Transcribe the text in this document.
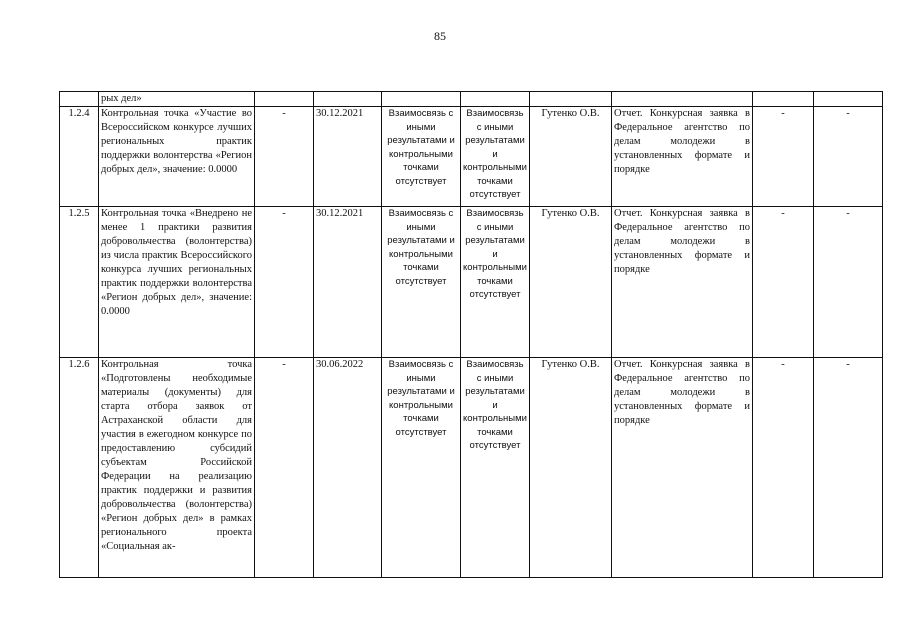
85
	рых дел»								
1.2.4	Контрольная точка «Участие во Всероссийском конкурсе лучших региональных практик поддержки волонтерства «Регион добрых дел», значение: 0.0000	-	30.12.2021	Взаимосвязь с иными результатами и контрольными точками отсутствует	Взаимосвязь с иными результатами и контрольными точками отсутствует	Гутенко О.В.	Отчет. Конкурсная заявка в Федеральное агентство по делам молодежи в установленных формате и порядке	-	-
1.2.5	Контрольная точка «Внедрено не менее 1 практики развития добровольчества (волонтерства) из числа практик Всероссийского конкурса лучших региональных практик поддержки волонтерства «Регион добрых дел», значение: 0.0000	-	30.12.2021	Взаимосвязь с иными результатами и контрольными точками отсутствует	Взаимосвязь с иными результатами и контрольными точками отсутствует	Гутенко О.В.	Отчет. Конкурсная заявка в Федеральное агентство по делам молодежи в установленных формате и порядке	-	-
1.2.6	Контрольная точка «Подготовлены необходимые материалы (документы) для старта отбора заявок от Астраханской области для участия в ежегодном конкурсе по предоставлению субсидий субъектам Российской Федерации на реализацию практик поддержки и развития добровольчества (волонтерства) «Регион добрых дел» в рамках регионального проекта «Социальная ак-	-	30.06.2022	Взаимосвязь с иными результатами и контрольными точками отсутствует	Взаимосвязь с иными результатами и контрольными точками отсутствует	Гутенко О.В.	Отчет. Конкурсная заявка в Федеральное агентство по делам молодежи в установленных формате и порядке	-	-
